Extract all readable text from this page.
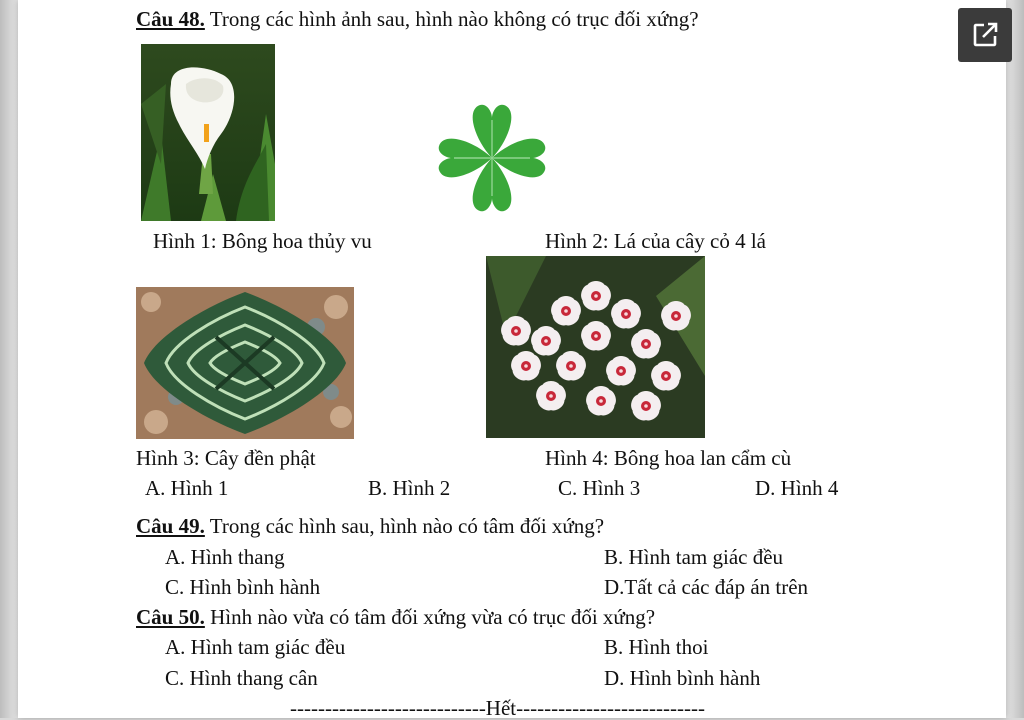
Câu 48. Trong các hình ảnh sau, hình nào không có trục đối xứng?
Hình 1: Bông hoa thủy vu	Hình 2: Lá của cây cỏ 4 lá
Hình 3: Cây đền phật	Hình 4: Bông hoa lan cẩm cù
A. Hình 1	B. Hình 2	C. Hình 3	D. Hình 4
Câu 49. Trong các hình sau, hình nào có tâm đối xứng?
A. Hình thang	B. Hình tam giác đều
C. Hình bình hành	D.Tất cả các đáp án trên
Câu 50. Hình nào vừa có tâm đối xứng vừa có trục đối xứng?
A. Hình tam giác đều	B. Hình thoi
C. Hình thang cân	D. Hình bình hành
----------------------------Hết---------------------------
